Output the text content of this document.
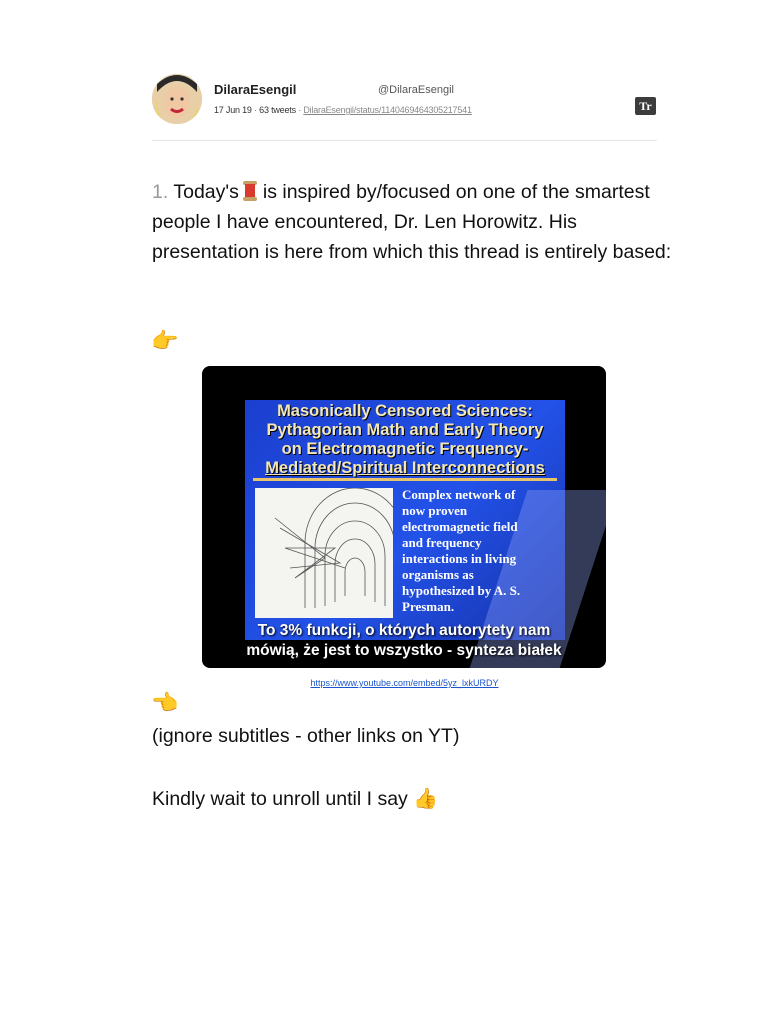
DilaraEsengil	@DilaraEsengil
17 Jun 19 · 63 tweets · DilaraEsengil/status/1140469464305217541	Tr
1. Today's is inspired by/focused on one of the smartest people I have encountered, Dr. Len Horowitz. His presentation is here from which this thread is entirely based:
👉
Masonically Censored Sciences:
Pythagorian Math and Early Theory
on Electromagnetic Frequency-
Mediated/Spiritual Interconnections
Complex network of
now proven
electromagnetic field
and frequency
interactions in living
organisms as
hypothesized by A. S.
Presman.
To 3% funkcji, o których autorytety nam
mówią, że jest to wszystko - synteza białek
https://www.youtube.com/embed/5yz_lxkURDY
👈
(ignore subtitles - other links on YT)
Kindly wait to unroll until I say 👍
